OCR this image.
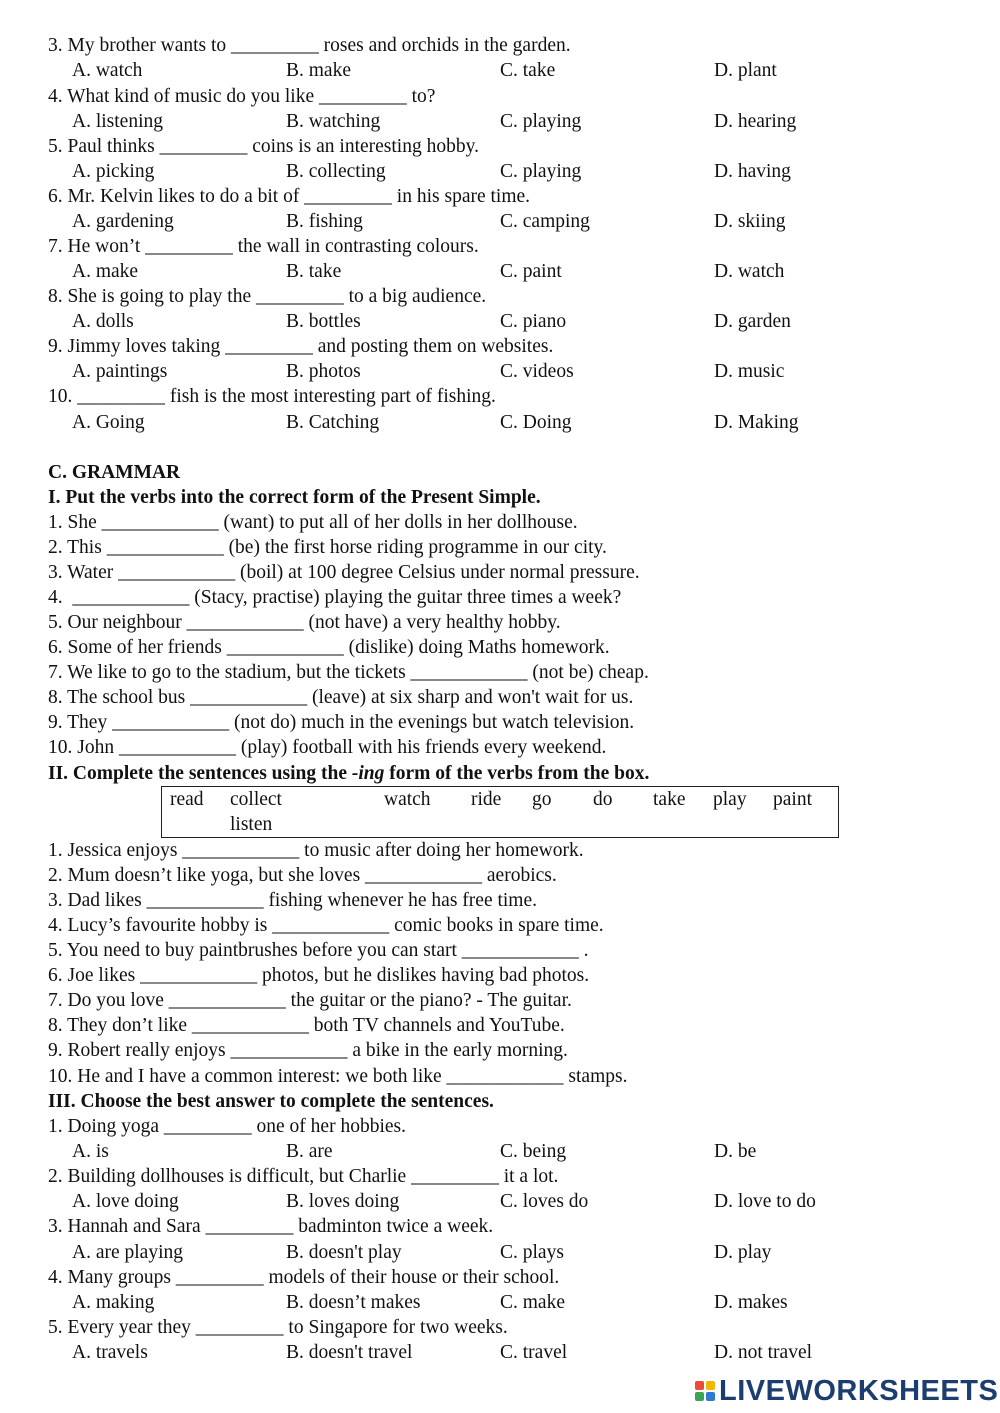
3. My brother wants to _________ roses and orchids in the garden.
A. watch	B. make	C. take	D. plant
4. What kind of music do you like _________ to?
A. listening	B. watching	C. playing	D. hearing
5. Paul thinks _________ coins is an interesting hobby.
A. picking	B. collecting	C. playing	D. having
6. Mr. Kelvin likes to do a bit of _________ in his spare time.
A. gardening	B. fishing	C. camping	D. skiing
7. He won’t _________ the wall in contrasting colours.
A. make	B. take	C. paint	D. watch
8. She is going to play the _________ to a big audience.
A. dolls	B. bottles	C. piano	D. garden
9. Jimmy loves taking _________ and posting them on websites.
A. paintings	B. photos	C. videos	D. music
10. _________ fish is the most interesting part of fishing.
A. Going	B. Catching	C. Doing	D. Making
C. GRAMMAR
I. Put the verbs into the correct form of the Present Simple.
1. She ____________ (want) to put all of her dolls in her dollhouse.
2. This ____________ (be) the first horse riding programme in our city.
3. Water ____________ (boil) at 100 degree Celsius under normal pressure.
4.  ____________ (Stacy, practise) playing the guitar three times a week?
5. Our neighbour ____________ (not have) a very healthy hobby.
6. Some of her friends ____________ (dislike) doing Maths homework.
7. We like to go to the stadium, but the tickets ____________ (not be) cheap.
8. The school bus ____________ (leave) at six sharp and won't wait for us.
9. They ____________ (not do) much in the evenings but watch television.
10. John ____________ (play) football with his friends every weekend.
II. Complete the sentences using the -ing form of the verbs from the box.
read collect	watch ride go do take play paint
listen
1. Jessica enjoys ____________ to music after doing her homework.
2. Mum doesn’t like yoga, but she loves ____________ aerobics.
3. Dad likes ____________ fishing whenever he has free time.
4. Lucy’s favourite hobby is ____________ comic books in spare time.
5. You need to buy paintbrushes before you can start ____________ .
6. Joe likes ____________ photos, but he dislikes having bad photos.
7. Do you love ____________ the guitar or the piano? - The guitar.
8. They don’t like ____________ both TV channels and YouTube.
9. Robert really enjoys ____________ a bike in the early morning.
10. He and I have a common interest: we both like ____________ stamps.
III. Choose the best answer to complete the sentences.
1. Doing yoga _________ one of her hobbies.
A. is	B. are	C. being	D. be
2. Building dollhouses is difficult, but Charlie _________ it a lot.
A. love doing	B. loves doing	C. loves do	D. love to do
3. Hannah and Sara _________ badminton twice a week.
A. are playing	B. doesn't play	C. plays	D. play
4. Many groups _________ models of their house or their school.
A. making	B. doesn’t makes	C. make	D. makes
5. Every year they _________ to Singapore for two weeks.
A. travels	B. doesn't travel	C. travel	D. not travel
LIVEWORKSHEETS
